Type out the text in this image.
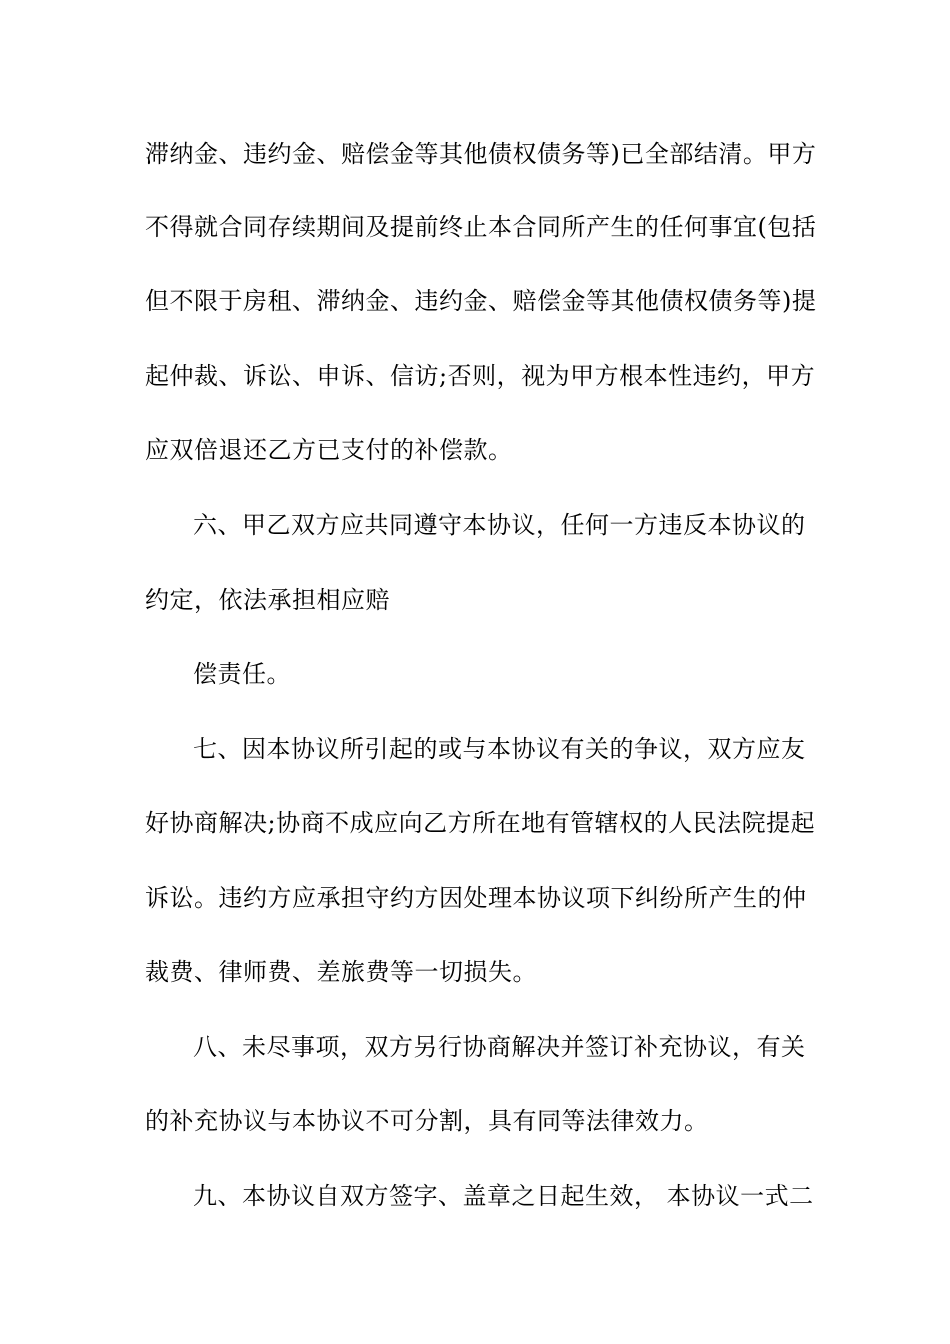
滞纳金、违约金、赔偿金等其他债权债务等)已全部结清。甲方
不得就合同存续期间及提前终止本合同所产生的任何事宜(包括
但不限于房租、滞纳金、违约金、赔偿金等其他债权债务等)提
起仲裁、诉讼、申诉、信访;否则，视为甲方根本性违约，甲方
应双倍退还乙方已支付的补偿款。
六、甲乙双方应共同遵守本协议，任何一方违反本协议的
约定，依法承担相应赔
偿责任。
七、因本协议所引起的或与本协议有关的争议，双方应友
好协商解决;协商不成应向乙方所在地有管辖权的人民法院提起
诉讼。违约方应承担守约方因处理本协议项下纠纷所产生的仲
裁费、律师费、差旅费等一切损失。
八、未尽事项，双方另行协商解决并签订补充协议，有关
的补充协议与本协议不可分割，具有同等法律效力。
九、本协议自双方签字、盖章之日起生效， 本协议一式二
